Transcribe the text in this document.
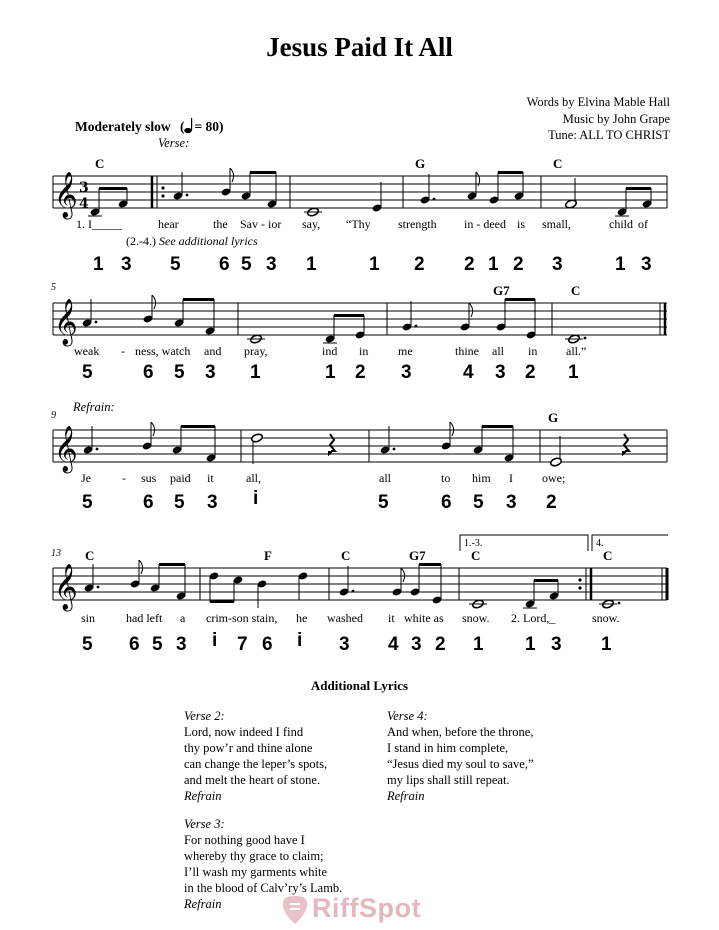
Jesus Paid It All
Words by Elvina Mable Hall
Music by John Grape
Tune: ALL TO CHRIST
Moderately slow ( = 80)
Verse:
C	G	C
𝄞 3
4
1. I_____	hear	the Sav - ior say, “Thy strength in - deed is small,	child of
(2.-4.) See additional lyrics
1 3 5 6 5 3 1	1 2 2 1 2 3	1 3
5	G7	C
𝄞
weak - ness, watch and pray,	ind in me	thine all in all.”
5	6 5 3 1	1 2 3	4 3 2 1
9
Refrain:
G
𝄞
Je	- sus paid it	all,	all	to him I owe;
5	6 5 3 i	5	6 5 3 2
13
1.-3.	4.
C	F	C	G7	C	C
𝄞
sin	had left a crim-son stain, he washed it white as snow. 2. Lord,_	snow.
5 6 5 3 i 7 6 i 3 4 3 2 1 1 3 1
Additional Lyrics
Verse 2:
Lord, now indeed I find
thy pow’r and thine alone
can change the leper’s spots,
and melt the heart of stone.
Refrain
Verse 4:
And when, before the throne,
I stand in him complete,
“Jesus died my soul to save,”
my lips shall still repeat.
Refrain
Verse 3:
For nothing good have I
whereby thy grace to claim;
I’ll wash my garments white
in the blood of Calv’ry’s Lamb.
Refrain	RiffSpot
